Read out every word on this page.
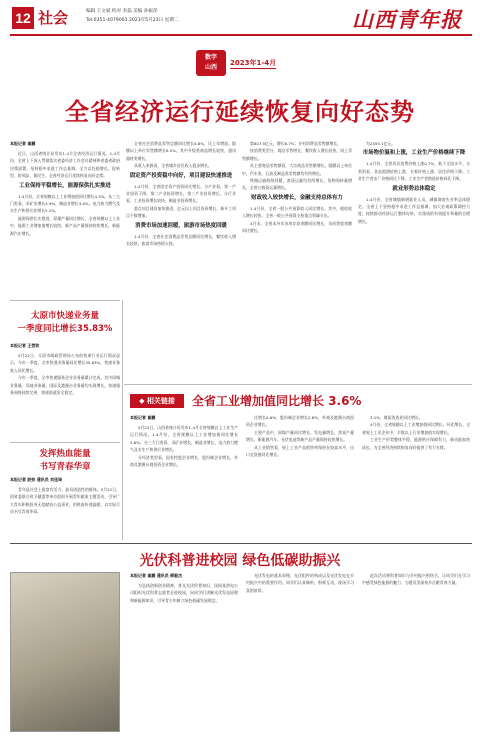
12 社会	编辑 王文斌 校对 李磊 美编 孙振萍
Tel:0351-4079003 2023年5月23日 星期二	山西青年报
数字
山西
2023年1-4月
全省经济运行延续恢复向好态势
本报记者 崔鹏

近日，山西省统计局发布1-4月全省经济运行情况。1-4月份，全省上下深入贯彻落实省委经济工作会议精神和省委省政府决策部署，坚持稳中求进工作总基调，全力以赴稳增长、促转型、防风险、保民生，全省经济运行延续恢复向好态势。

工业保持平稳增长，能源保供扎实推进

1-4月份，全省规模以上工业增加值同比增长4.3%。从三大门类看，采矿业增长4.9%，制造业增长3.0%，电力热力燃气及水生产和供应业增长5.2%。

能源保供扎实推进，原煤产量同比增长，全省规模以上工业中，能源工业增加值增长较快，新产品产量保持较快增长，新能源汽车增长。

全省社会消费品零售总额同比增长4.8%，比上年增加。限额以上单位零售额增长8.5%。其中升级类商品增长较快，通讯器材类增长。

从收入来源看，全省城乡居民收入稳步增长。

固定资产投资稳中向好，项目建设快速推进

1-4月份，全省固定资产投资同比增长。分产业看，第一产业投资下降，第二产业投资增长，第三产业投资增长。分行业看，工业投资增长较快，制造业投资增长。

重点项目建设加快推进，亿元以上项目投资增长，新开工项目个数增加。

消费市场加速回暖，旅游市场热度回暖

1-4月份，全省社会消费品零售总额同比增长，餐饮收入增长较快，旅游市场持续火热。

第807.5亿元，增长8.7%；乡村消费品零售额增长。

按消费类型分，商品零售增长，餐饮收入增长较快。网上零售额增长。

从主要商品零售额看，大宗商品零售额增长。限额以上单位中，汽车类、石油及制品类零售额均有所增长。

铁路运输持续回暖，客货运量均有所增长，货物周转量增长，全省公路货运量增长。

财政收入较快增长，金融支持总体有力

1-4月份，全省一般公共预算收入同比增长。其中，税收收入增长较快。全省一般公共预算支持重点领域支出。

4月末，全省本外币各项存款余额同比增长，各项贷款余额同比增长。

为2455.1亿元。

市场物价温和上涨，工业生产价格继续下降

1-4月份，全省居民消费价格上涨0.7%，低于全国水平。分类别看，食品烟酒价格上涨，衣着价格上涨，居住价格下降。工业生产者出厂价格同比下降，工业生产者购进价格同比下降。

就业形势总体稳定

1-4月份，全省城镇新增就业人员，城镇调查失业率总体稳定。全省上下坚持稳中求进工作总基调，加大宏观政策调控力度，持续推动经济运行整体好转，实现质的有效提升和量的合理增长。

太原市快递业务量
一季度同比增长35.83%
本报记者 王恺钦

5月22日，太原市邮政管理局公布的快递行业运行情况显示，今年一季度，全市快递业务量同比增长35.83%，快递业务收入同比增长。

今年一季度，全市快递服务企业业务量累计完成，其中同城业务量、异地业务量、国际及港澳台业务量均实现增长。快递服务网络持续完善，寄递渠道安全稳定。

发挥热血能量
书写青春华章
本报记者 胶弥 通讯员 刘佳琦

青年是社会上最富有活力、最具创造性的群体。5月22日，团省委联合省卫健委等单位组织开展青年献血主题活动，引导广大青年积极投身无偿献血公益事业，用热血传递温暖，以实际行动书写青春华章。

◆ 相关链接	全省工业增加值同比增长 3.6%
本报记者 崔鹏

5月23日，山西省统计局发布1-4月全省规模以上工业生产运行情况。1-4月份，全省规模以上工业增加值同比增长3.6%。分三大门类看，采矿业增长，制造业增长，电力热力燃气及水生产和供应业增长。

分经济类型看，国有控股企业增长，股份制企业增长，外商及港澳台商投资企业增长。

比增长0.6%；股份制企业增长2.8%，外商及港澳台商投资企业增长。

主要产品中，原煤产量同比增长，发电量增长，焦炭产量增长。新能源汽车、光伏电池等新产品产量保持较快增长。

从工业销售看，规上工业产品销售率保持在较高水平，出口交货值同比增长。

3.1%，煤炭洗选业同比增长。

4月份，全省规模以上工业增加值同比增长，环比增长。全省规上工业企业中，半数以上行业增加值实现增长。

工业生产形势整体平稳，能源供应保障有力，新动能加快成长，为全省经济持续恢复向好提供了有力支撑。

光伏科普进校园 绿色低碳助振兴
本报记者 崔鹏 通讯员 柳毅杰

为弘扬创新创业精神，普及光伏科普知识，国网某供电公司组织光伏科普志愿者走进校园，向同学们讲解光伏发电原理和新能源知识，引导青少年树立绿色低碳发展理念。

光伏发电的基本原理、光伏组件的构成以及光伏发电在乡村振兴中的重要作用。同学们认真倾听，积极互动，现场学习氛围浓厚。

此次活动将科普知识与乡村振兴相结合，让同学们在学习中感受绿色能源的魅力，为建设美丽家乡贡献青春力量。
